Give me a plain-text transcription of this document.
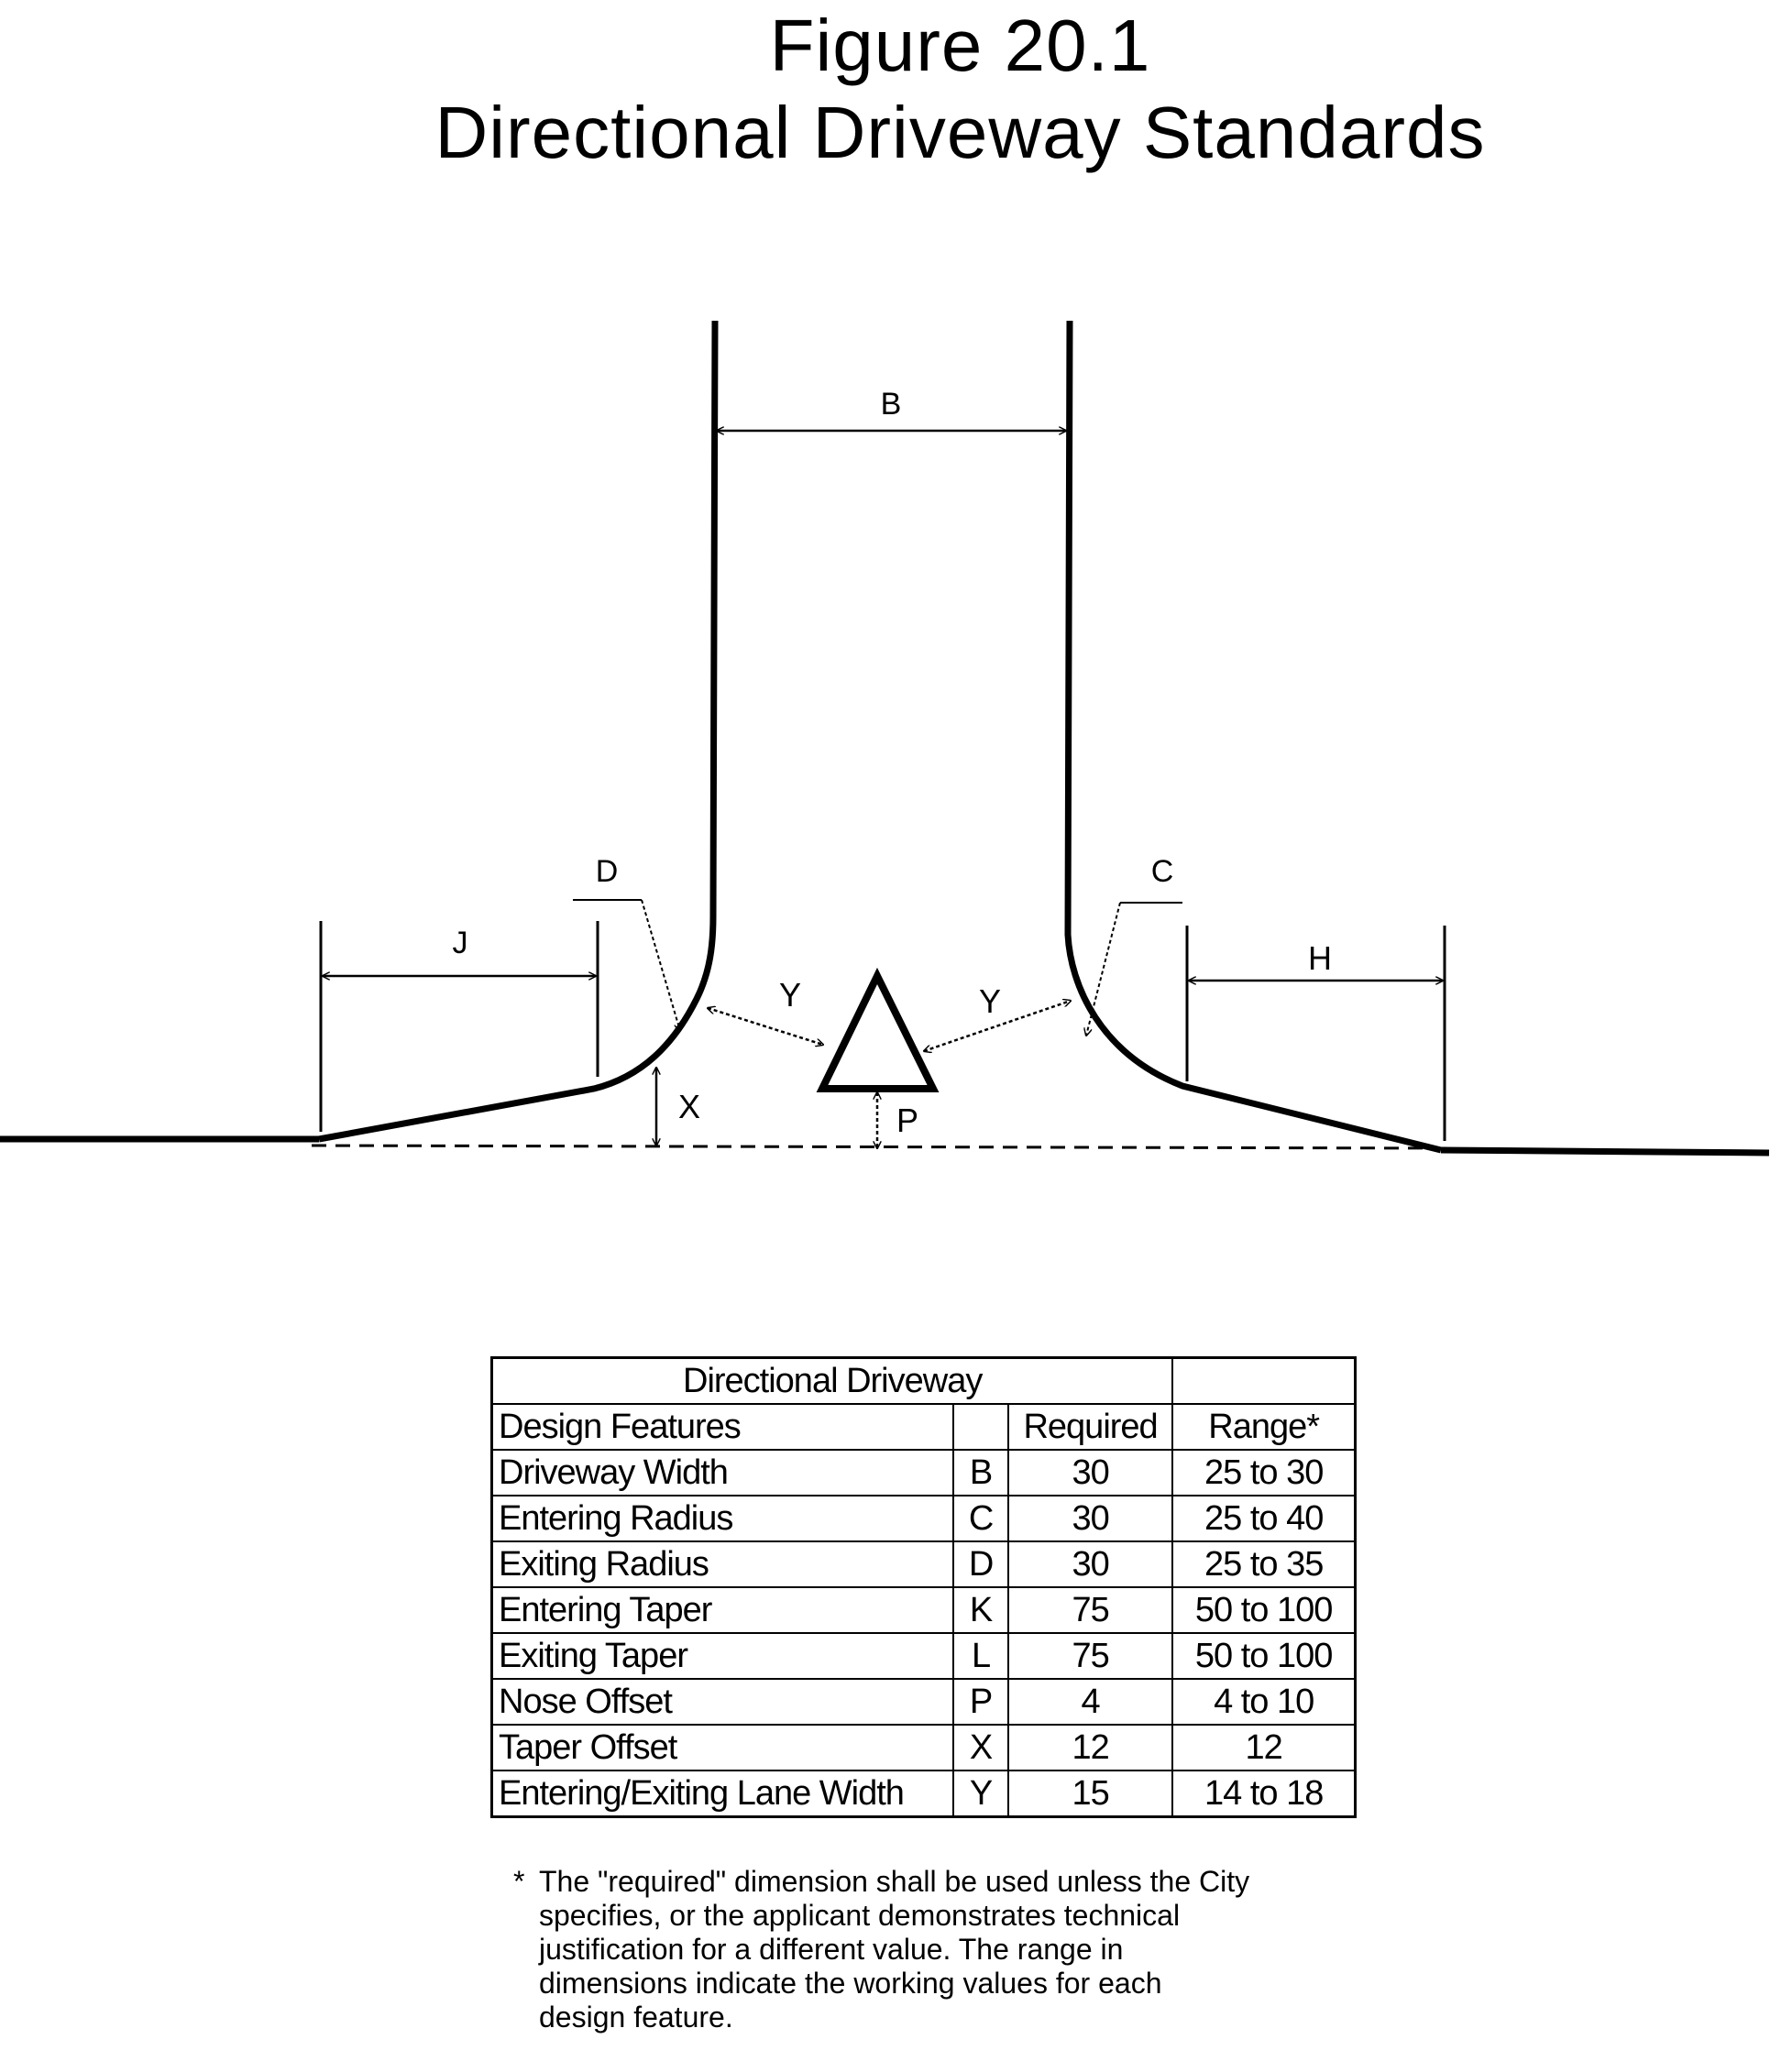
Figure 20.1
Directional Driveway Standards
B
J	H
D	C
Y	Y
X	P
Directional Driveway			
Design Features		Required	Range*
Driveway Width	B	30	25 to 30
Entering Radius	C	30	25 to 40
Exiting Radius	D	30	25 to 35
Entering Taper	K	75	50 to 100
Exiting Taper	L	75	50 to 100
Nose Offset	P	4	4 to 10
Taper Offset	X	12	12
Entering/Exiting Lane Width	Y	15	14 to 18
* The "required" dimension shall be used unless the City
specifies, or the applicant demonstrates technical
justification for a different value. The range in
dimensions indicate the working values for each
design feature.
